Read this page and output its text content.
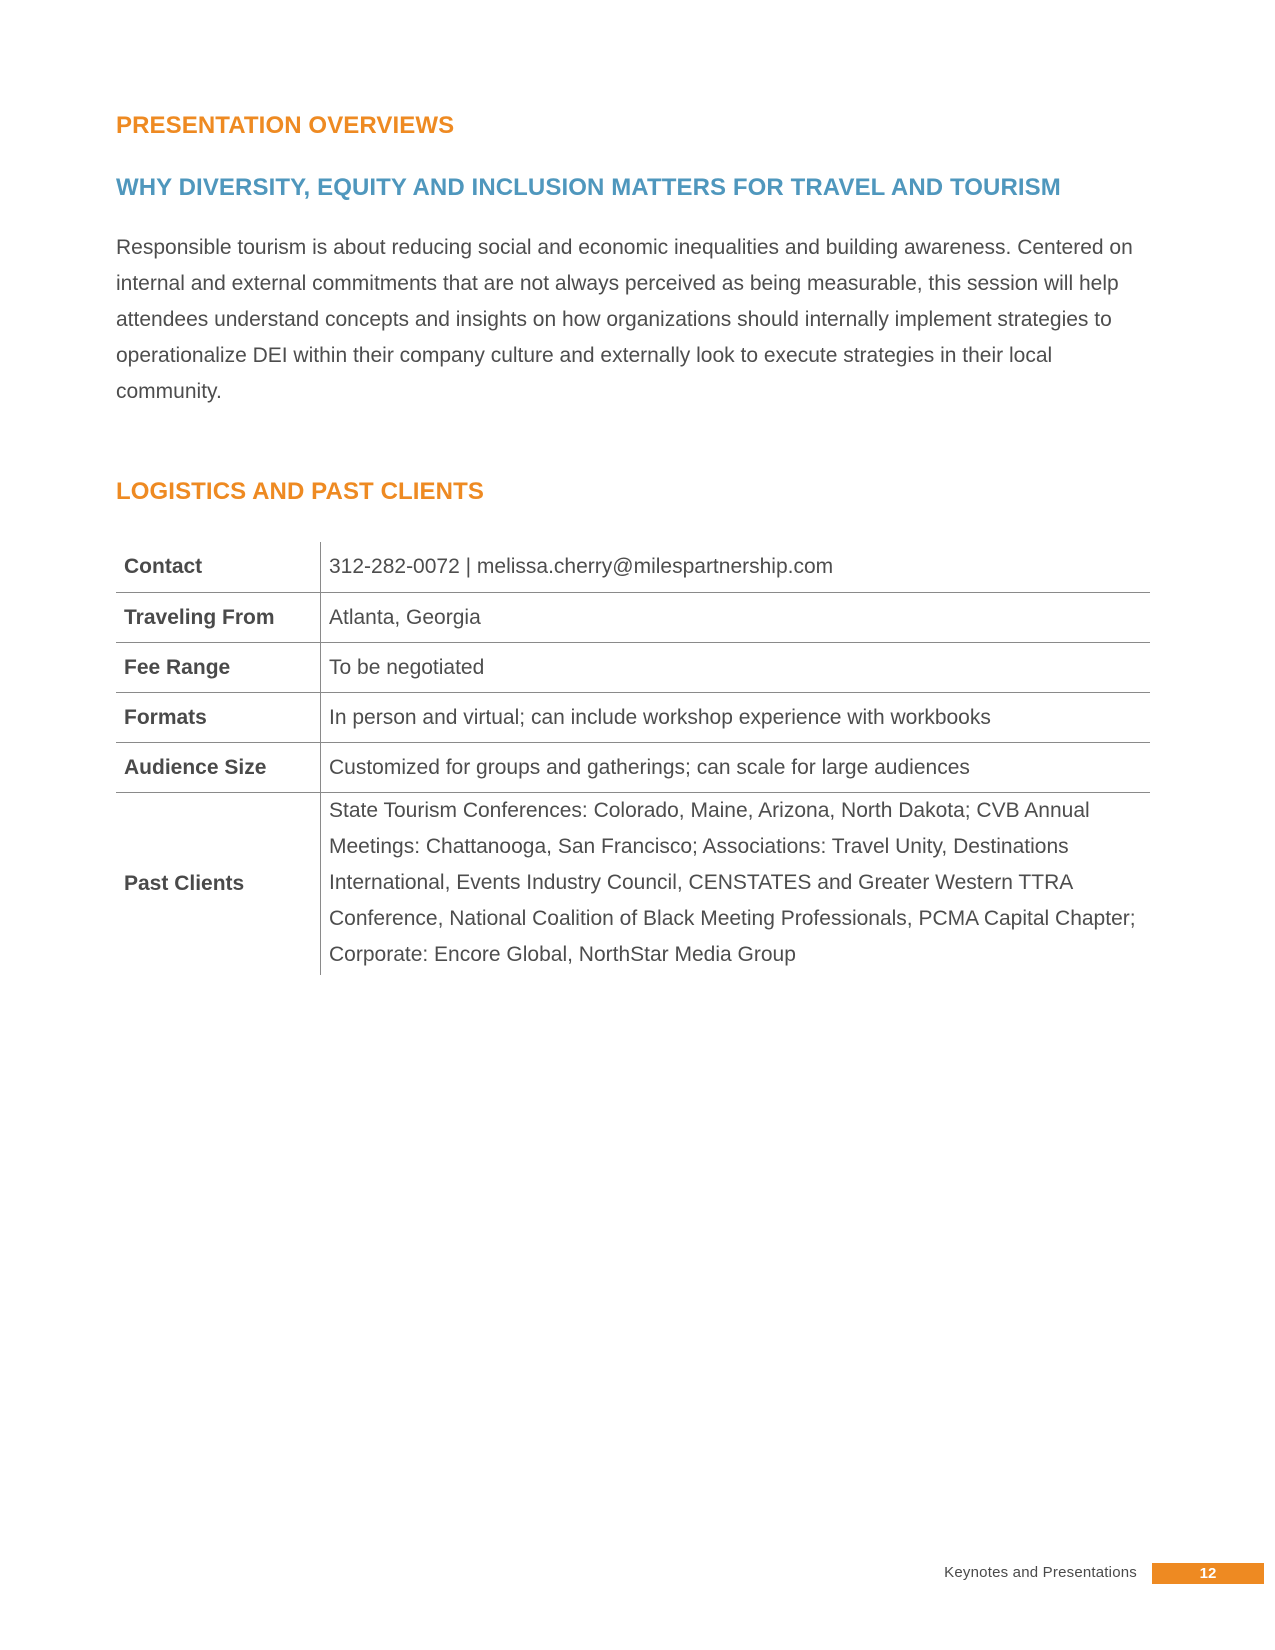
PRESENTATION OVERVIEWS
WHY DIVERSITY, EQUITY AND INCLUSION MATTERS FOR TRAVEL AND TOURISM

Responsible tourism is about reducing social and economic inequalities and building awareness. Centered on internal and external commitments that are not always perceived as being measurable, this session will help attendees understand concepts and insights on how organizations should internally implement strategies to operationalize DEI within their company culture and externally look to execute strategies in their local community.

LOGISTICS AND PAST CLIENTS
Contact	312-282-0072 | melissa.cherry@milespartnership.com
Traveling From	Atlanta, Georgia
Fee Range	To be negotiated
Formats	In person and virtual; can include workshop experience with workbooks
Audience Size	Customized for groups and gatherings; can scale for large audiences
Past Clients	State Tourism Conferences: Colorado, Maine, Arizona, North Dakota; CVB Annual Meetings: Chattanooga, San Francisco; Associations: Travel Unity, Destinations International, Events Industry Council, CENSTATES and Greater Western TTRA Conference, National Coalition of Black Meeting Professionals, PCMA Capital Chapter; Corporate: Encore Global, NorthStar Media Group
Keynotes and Presentations	12
